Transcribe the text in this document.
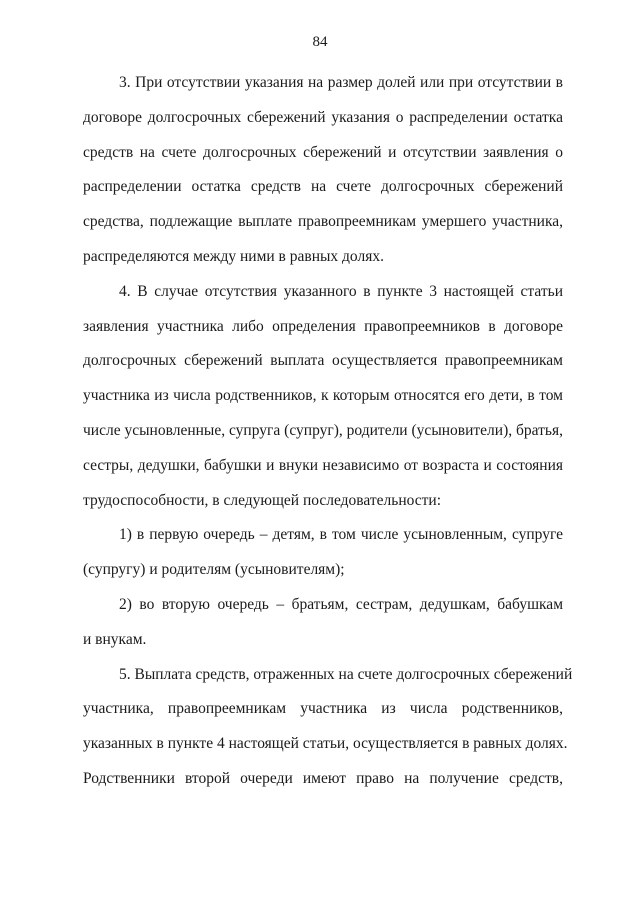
84
3. При отсутствии указания на размер долей или при отсутствии в
договоре долгосрочных сбережений указания о распределении остатка
средств на счете долгосрочных сбережений и отсутствии заявления о
распределении остатка средств на счете долгосрочных сбережений
средства, подлежащие выплате правопреемникам умершего участника,
распределяются между ними в равных долях.
4. В случае отсутствия указанного в пункте 3 настоящей статьи
заявления участника либо определения правопреемников в договоре
долгосрочных сбережений выплата осуществляется правопреемникам
участника из числа родственников, к которым относятся его дети, в том
числе усыновленные, супруга (супруг), родители (усыновители), братья,
сестры, дедушки, бабушки и внуки независимо от возраста и состояния
трудоспособности, в следующей последовательности:
1) в первую очередь – детям, в том числе усыновленным, супруге
(супругу) и родителям (усыновителям);
2) во вторую очередь – братьям, сестрам, дедушкам, бабушкам
и внукам.
5. Выплата средств, отраженных на счете долгосрочных сбережений
участника, правопреемникам участника из числа родственников,
указанных в пункте 4 настоящей статьи, осуществляется в равных долях.
Родственники второй очереди имеют право на получение средств,
